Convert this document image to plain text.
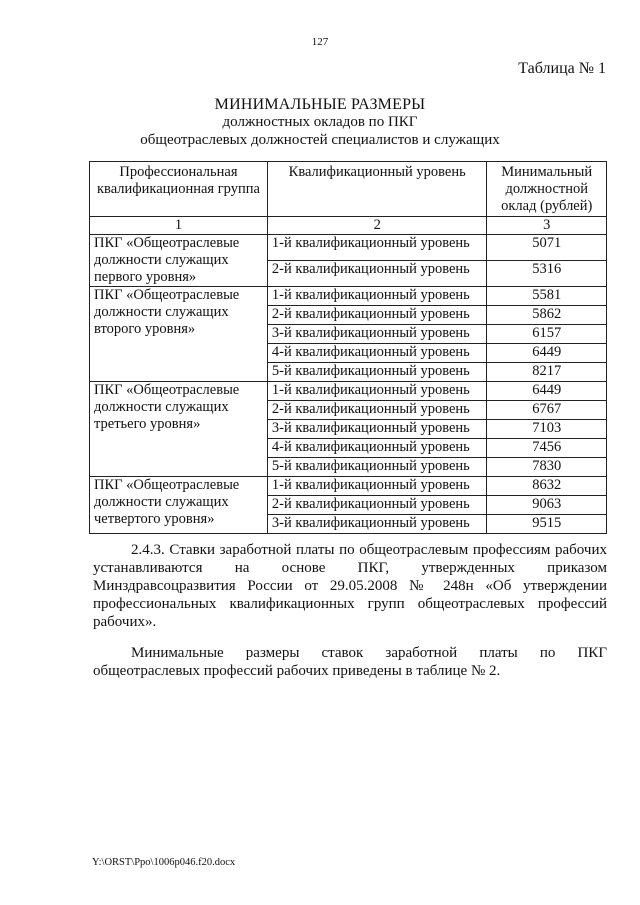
127
Таблица № 1
МИНИМАЛЬНЫЕ РАЗМЕРЫ
должностных окладов по ПКГ
общеотраслевых должностей специалистов и служащих
Профессиональная квалификационная группа	Квалификационный уровень	Минимальный должностной оклад (рублей)
1	2	3
ПКГ «Общеотраслевые должности служащих первого уровня»	1-й квалификационный уровень	5071
	2-й квалификационный уровень	5316
ПКГ «Общеотраслевые должности служащих второго уровня»	1-й квалификационный уровень	5581
	2-й квалификационный уровень	5862
	3-й квалификационный уровень	6157
	4-й квалификационный уровень	6449
	5-й квалификационный уровень	8217
ПКГ «Общеотраслевые должности служащих третьего уровня»	1-й квалификационный уровень	6449
	2-й квалификационный уровень	6767
	3-й квалификационный уровень	7103
	4-й квалификационный уровень	7456
	5-й квалификационный уровень	7830
ПКГ «Общеотраслевые должности служащих четвертого уровня»	1-й квалификационный уровень	8632
	2-й квалификационный уровень	9063
	3-й квалификационный уровень	9515
2.4.3. Ставки заработной платы по общеотраслевым профессиям рабочих устанавливаются на основе ПКГ, утвержденных приказом Минздравсоцразвития России от 29.05.2008 № 248н «Об утверждении профессиональных квалификационных групп общеотраслевых профессий рабочих».
Минимальные размеры ставок заработной платы по ПКГ общеотраслевых профессий рабочих приведены в таблице № 2.
Y:\ORST\Ppo\1006p046.f20.docx
